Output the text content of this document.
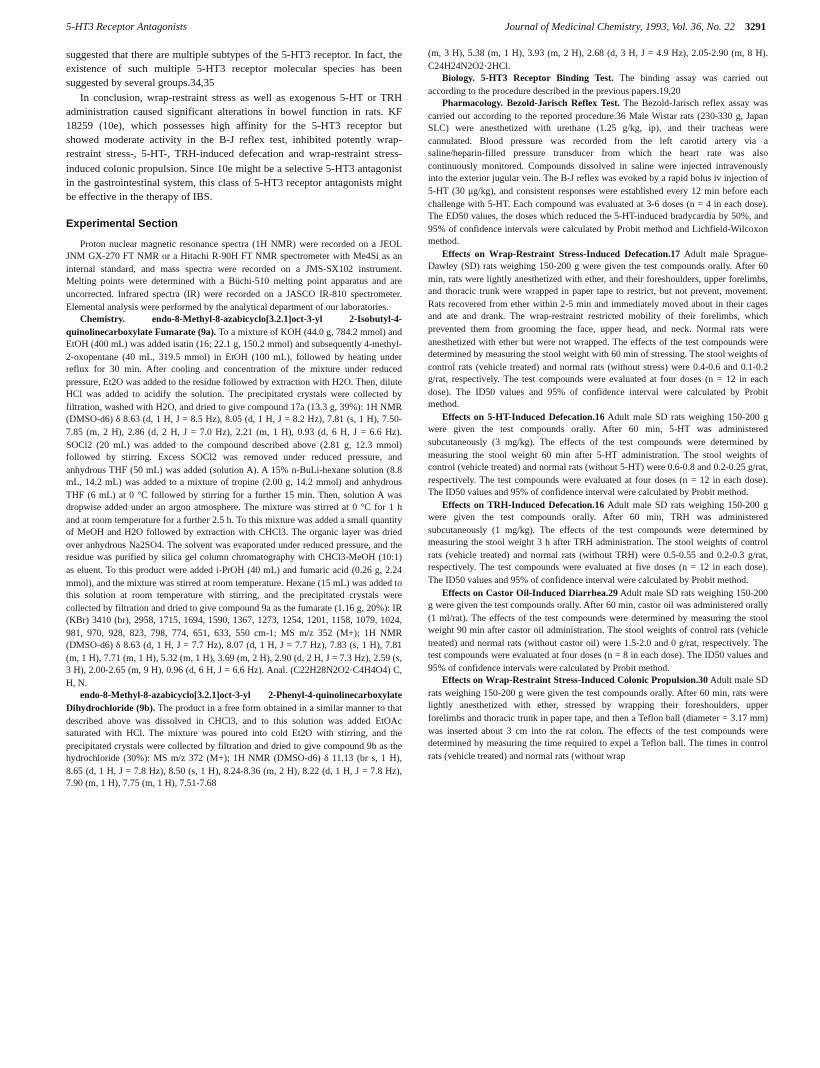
5-HT3 Receptor Antagonists	Journal of Medicinal Chemistry, 1993, Vol. 36, No. 22 3291

suggested that there are multiple subtypes of the 5-HT3 receptor. In fact, the existence of such multiple 5-HT3 receptor molecular species has been suggested by several groups.34,35

In conclusion, wrap-restraint stress as well as exogenous 5-HT or TRH administration caused significant alterations in bowel function in rats. KF 18259 (10e), which possesses high affinity for the 5-HT3 receptor but showed moderate activity in the B-J reflex test, inhibited potently wrap-restraint stress-, 5-HT-, TRH-induced defecation and wrap-restraint stress-induced colonic propulsion. Since 10e might be a selective 5-HT3 antagonist in the gastrointestinal system, this class of 5-HT3 receptor antagonists might be effective in the therapy of IBS.

Experimental Section

Proton nuclear magnetic resonance spectra (1H NMR) were recorded on a JEOL JNM GX-270 FT NMR or a Hitachi R-90H FT NMR spectrometer with Me4Si as an internal standard, and mass spectra were recorded on a JMS-SX102 instrument. Melting points were determined with a Büchi-510 melting point apparatus and are uncorrected. Infrared spectra (IR) were recorded on a JASCO IR-810 spectrometer. Elemental analysis were performed by the analytical department of our laboratories.

Chemistry. endo-8-Methyl-8-azabicyclo[3.2.1]oct-3-yl 2-Isobutyl-4-quinolinecarboxylate Fumarate (9a). To a mixture of KOH (44.0 g, 784.2 mmol) and EtOH (400 mL) was added isatin (16; 22.1 g, 150.2 mmol) and subsequently 4-methyl-2-oxopentane (40 mL, 319.5 mmol) in EtOH (100 mL), followed by heating under reflux for 30 min. After cooling and concentration of the mixture under reduced pressure, Et2O was added to the residue followed by extraction with H2O. Then, dilute HCl was added to acidify the solution. The precipitated crystals were collected by filtration, washed with H2O, and dried to give compound 17a (13.3 g, 39%): 1H NMR (DMSO-d6) δ 8.63 (d, 1 H, J = 8.5 Hz), 8.05 (d, 1 H, J = 8.2 Hz), 7.81 (s, 1 H), 7.50-7.85 (m, 2 H), 2.86 (d, 2 H, J = 7.0 Hz), 2.21 (m, 1 H), 0.93 (d, 6 H, J = 6.6 Hz). SOCl2 (20 mL) was added to the compound described above (2.81 g, 12.3 mmol) followed by stirring. Excess SOCl2 was removed under reduced pressure, and anhydrous THF (50 mL) was added (solution A). A 15% n-BuLi-hexane solution (8.8 mL, 14.2 mL) was added to a mixture of tropine (2.00 g, 14.2 mmol) and anhydrous THF (6 mL) at 0 °C followed by stirring for a further 15 min. Then, solution A was dropwise added under an argon atmosphere. The mixture was stirred at 0 °C for 1 h and at room temperature for a further 2.5 h. To this mixture was added a small quantity of MeOH and H2O followed by extraction with CHCl3. The organic layer was dried over anhydrous Na2SO4. The solvent was evaporated under reduced pressure, and the residue was purified by silica gel column chromatography with CHCl3-MeOH (10:1) as eluent. To this product were added i-PrOH (40 mL) and fumaric acid (0.26 g, 2.24 mmol), and the mixture was stirred at room temperature. Hexane (15 mL) was added to this solution at room temperature with stirring, and the precipitated crystals were collected by filtration and dried to give compound 9a as the fumarate (1.16 g, 20%): IR (KBr) 3410 (br), 2958, 1715, 1694, 1590, 1367, 1273, 1254, 1201, 1158, 1079, 1024, 981, 970, 928, 823, 798, 774, 651, 633, 550 cm-1; MS m/z 352 (M+); 1H NMR (DMSO-d6) δ 8.63 (d, 1 H, J = 7.7 Hz), 8.07 (d, 1 H, J = 7.7 Hz), 7.83 (s, 1 H), 7.81 (m, 1 H), 7.71 (m, 1 H), 5.32 (m, 1 H), 3.69 (m, 2 H), 2.90 (d, 2 H, J = 7.3 Hz), 2.59 (s, 3 H), 2.00-2.65 (m, 9 H), 0.96 (d, 6 H, J = 6.6 Hz). Anal. (C22H28N2O2·C4H4O4) C, H, N.

endo-8-Methyl-8-azabicyclo[3.2.1]oct-3-yl 2-Phenyl-4-quinolinecarboxylate Dihydrochloride (9b). The product in a free form obtained in a similar manner to that described above was dissolved in CHCl3, and to this solution was added EtOAc saturated with HCl. The mixture was poured into cold Et2O with stirring, and the precipitated crystals were collected by filtration and dried to give compound 9b as the hydrochloride (30%): MS m/z 372 (M+); 1H NMR (DMSO-d6) δ 11.13 (br s, 1 H), 8.65 (d, 1 H, J = 7.8 Hz), 8.50 (s, 1 H), 8.24-8.36 (m, 2 H), 8.22 (d, 1 H, J = 7.8 Hz), 7.90 (m, 1 H), 7.75 (m, 1 H), 7.51-7.68

(m, 3 H), 5.38 (m, 1 H), 3.93 (m, 2 H), 2.68 (d, 3 H, J = 4.9 Hz), 2.05-2.90 (m, 8 H). C24H24N2O2·2HCl.

Biology. 5-HT3 Receptor Binding Test. The binding assay was carried out according to the procedure described in the previous papers.19,20

Pharmacology. Bezold-Jarisch Reflex Test. The Bezold-Jarisch reflex assay was carried out according to the reported procedure.36 Male Wistar rats (230-330 g, Japan SLC) were anesthetized with urethane (1.25 g/kg, ip), and their tracheas were cannulated. Blood pressure was recorded from the left carotid artery via a saline/heparin-filled pressure transducer from which the heart rate was also continuously monitored. Compounds dissolved in saline were injected intravenously into the exterior jugular vein. The B-J reflex was evoked by a rapid bolus iv injection of 5-HT (30 μg/kg), and consistent responses were established every 12 min before each challenge with 5-HT. Each compound was evaluated at 3-6 doses (n = 4 in each dose). The ED50 values, the doses which reduced the 5-HT-induced bradycardia by 50%, and 95% of confidence intervals were calculated by Probit method and Lichfield-Wilcoxon method.

Effects on Wrap-Restraint Stress-Induced Defecation.17 Adult male Sprague-Dawley (SD) rats weighing 150-200 g were given the test compounds orally. After 60 min, rats were lightly anesthetized with ether, and their foreshoulders, upper forelimbs, and thoracic trunk were wrapped in paper tape to restrict, but not prevent, movement. Rats recovered from ether within 2-5 min and immediately moved about in their cages and ate and drank. The wrap-restraint restricted mobility of their forelimbs, which prevented them from grooming the face, upper head, and neck. Normal rats were anesthetized with ether but were not wrapped. The effects of the test compounds were determined by measuring the stool weight with 60 min of stressing. The stool weights of control rats (vehicle treated) and normal rats (without stress) were 0.4-0.6 and 0.1-0.2 g/rat, respectively. The test compounds were evaluated at four doses (n = 12 in each dose). The ID50 values and 95% of confidence interval were calculated by Probit method.

Effects on 5-HT-Induced Defecation.16 Adult male SD rats weighing 150-200 g were given the test compounds orally. After 60 min, 5-HT was administered subcutaneously (3 mg/kg). The effects of the test compounds were determined by measuring the stool weight 60 min after 5-HT administration. The stool weights of control (vehicle treated) and normal rats (without 5-HT) were 0.6-0.8 and 0.2-0.25 g/rat, respectively. The test compounds were evaluated at four doses (n = 12 in each dose). The ID50 values and 95% of confidence interval were calculated by Probit method.

Effects on TRH-Induced Defecation.16 Adult male SD rats weighing 150-200 g were given the test compounds orally. After 60 min, TRH was administered subcutaneously (1 mg/kg). The effects of the test compounds were determined by measuring the stool weight 3 h after TRH administration. The stool weights of control rats (vehicle treated) and normal rats (without TRH) were 0.5-0.55 and 0.2-0.3 g/rat, respectively. The test compounds were evaluated at five doses (n = 12 in each dose). The ID50 values and 95% of confidence interval were calculated by Probit method.

Effects on Castor Oil-Induced Diarrhea.29 Adult male SD rats weighing 150-200 g were given the test compounds orally. After 60 min, castor oil was administered orally (1 ml/rat). The effects of the test compounds were determined by measuring the stool weight 90 min after castor oil administration. The stool weights of control rats (vehicle treated) and normal rats (without castor oil) were 1.5-2.0 and 0 g/rat, respectively. The test compounds were evaluated at four doses (n = 8 in each dose). The ID50 values and 95% of confidence intervals were calculated by Probit method.

Effects on Wrap-Restraint Stress-Induced Colonic Propulsion.30 Adult male SD rats weighing 150-200 g were given the test compounds orally. After 60 min, rats were lightly anesthetized with ether, stressed by wrapping their foreshoulders, upper forelimbs and thoracic trunk in paper tape, and then a Teflon ball (diameter = 3.17 mm) was inserted about 3 cm into the rat colon. The effects of the test compounds were determined by measuring the time required to expel a Teflon ball. The times in control rats (vehicle treated) and normal rats (without wrap
